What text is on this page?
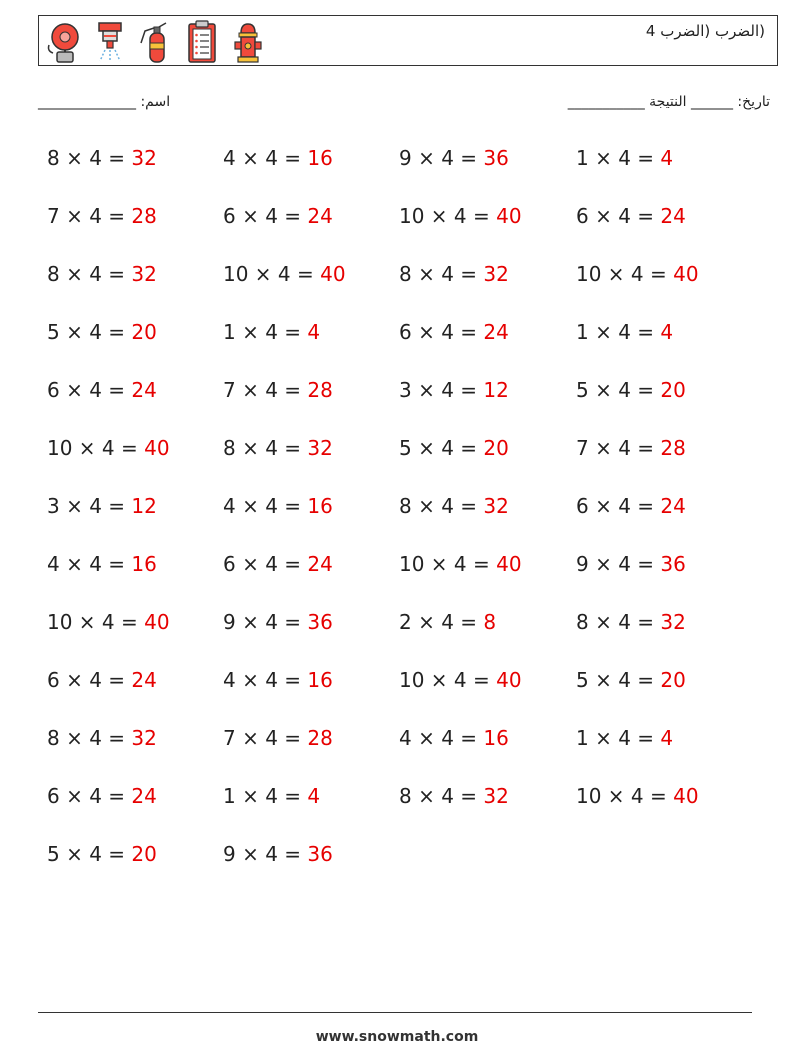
(الضرب (الضرب 4
اسم: ______________	تاريخ: ______ النتيجة ___________
8 × 4 = 32	4 × 4 = 16	9 × 4 = 36	1 × 4 = 4
7 × 4 = 28	6 × 4 = 24	10 × 4 = 40	6 × 4 = 24
8 × 4 = 32	10 × 4 = 40	8 × 4 = 32	10 × 4 = 40
5 × 4 = 20	1 × 4 = 4	6 × 4 = 24	1 × 4 = 4
6 × 4 = 24	7 × 4 = 28	3 × 4 = 12	5 × 4 = 20
10 × 4 = 40	8 × 4 = 32	5 × 4 = 20	7 × 4 = 28
3 × 4 = 12	4 × 4 = 16	8 × 4 = 32	6 × 4 = 24
4 × 4 = 16	6 × 4 = 24	10 × 4 = 40	9 × 4 = 36
10 × 4 = 40	9 × 4 = 36	2 × 4 = 8	8 × 4 = 32
6 × 4 = 24	4 × 4 = 16	10 × 4 = 40	5 × 4 = 20
8 × 4 = 32	7 × 4 = 28	4 × 4 = 16	1 × 4 = 4
6 × 4 = 24	1 × 4 = 4	8 × 4 = 32	10 × 4 = 40
5 × 4 = 20	9 × 4 = 36
www.snowmath.com
